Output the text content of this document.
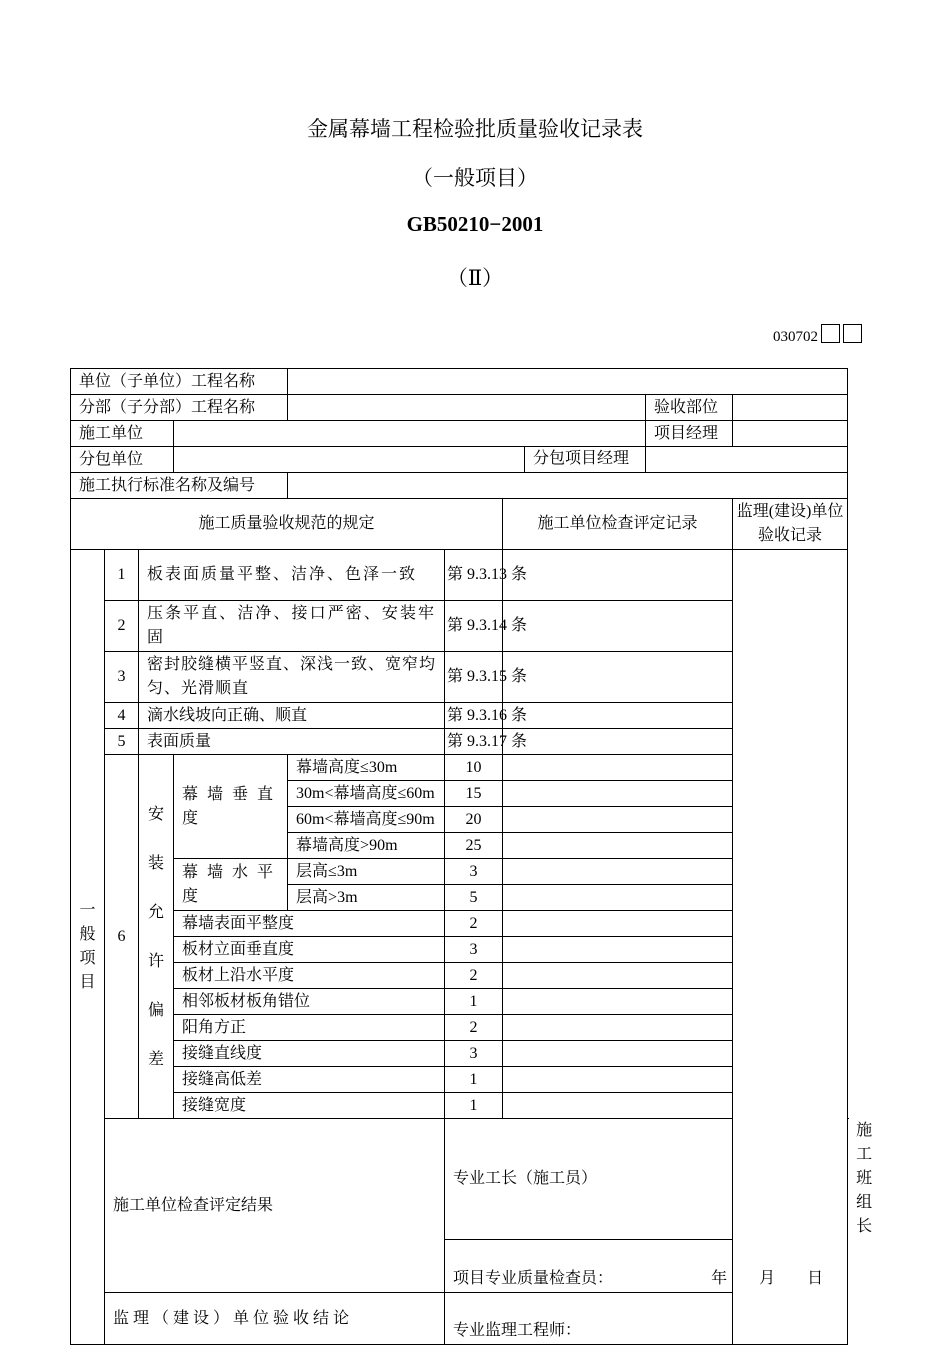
金属幕墙工程检验批质量验收记录表
（一般项目）
GB50210−2001
（Ⅱ）
030702
单位（子单位）工程名称									
分部（子分部）工程名称							验收部位		
施工单位							项目经理		
分包单位			分包项目经理						

施工执行标准名称及编号									
施工质量验收规范的规定						施工单位检查评定记录		监理(建设)单位验收记录	

一般项目	1	板表面质量平整、洁净、色泽一致			第 9.3.13 条				
	2	压条平直、洁净、接口严密、安装牢固			第 9.3.14 条				
	3	密封胶缝横平竖直、深浅一致、宽窄均匀、光滑顺直			第 9.3.15 条				
	4	滴水线坡向正确、顺直			第 9.3.16 条				
	5	表面质量			第 9.3.17 条				
	6	安装允许偏差	幕墙垂直度	幕墙高度≤30m	10				
				30m<幕墙高度≤60m	15				
				60m<幕墙高度≤90m	20				
				幕墙高度>90m	25				
			幕墙水平度	层高≤3m	3				
				层高>3m	5				
			幕墙表面平整度		2				
			板材立面垂直度		3				
			板材上沿水平度		2				
			相邻板材板角错位		1				
			阳角方正		2				
			接缝直线度		3				
			接缝高低差		1				
			接缝宽度		1				
	施工单位检查评定结果				专业工长（施工员）				施工班组长	

					项目专业质量检查员： 年　　月　　日				

	监理（建设）单位验收结论				专业监理工程师：				
